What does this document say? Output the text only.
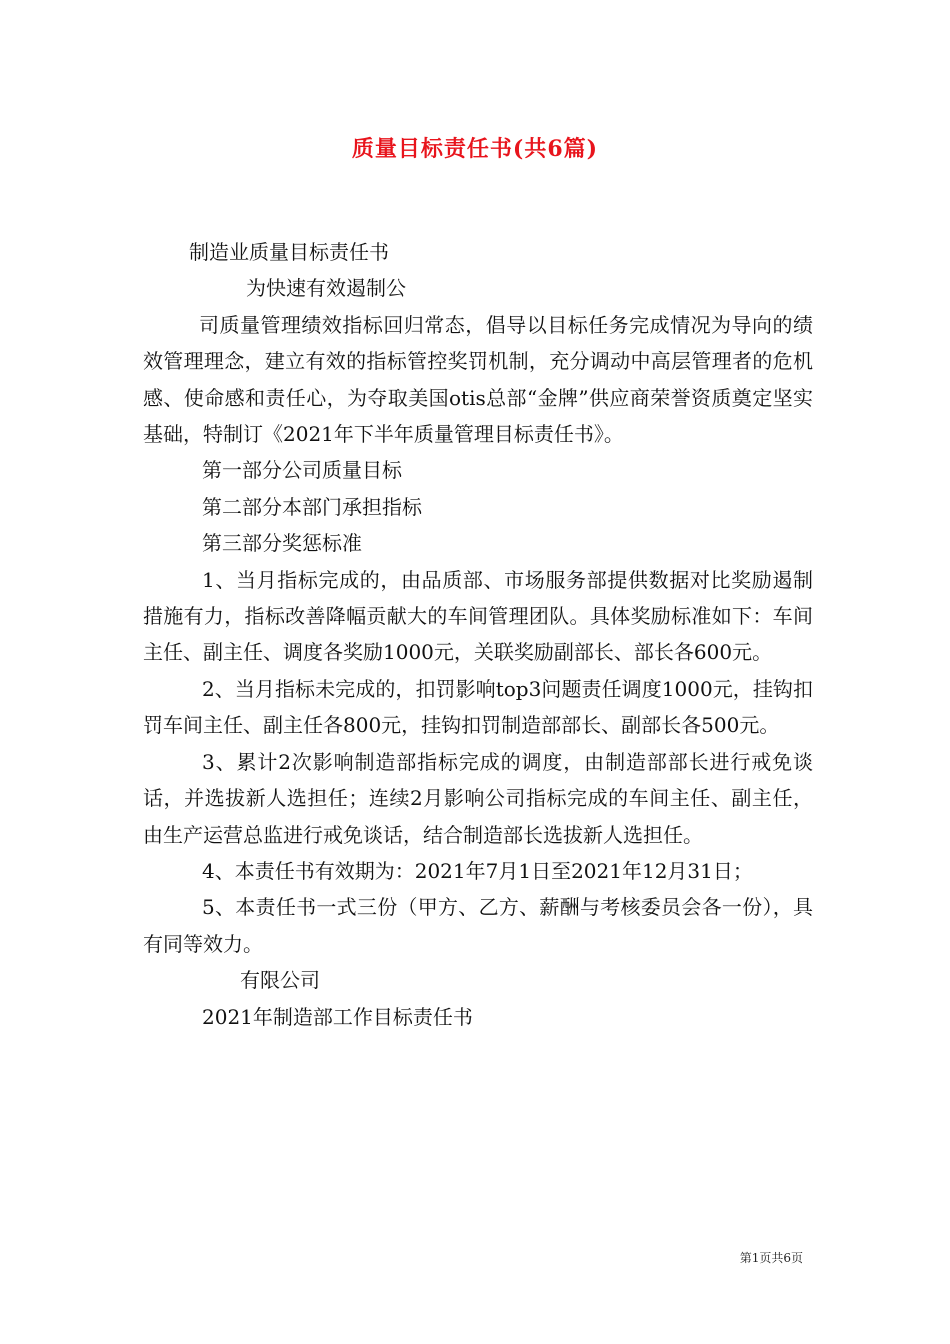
质量目标责任书(共6篇)

制造业质量目标责任书

为快速有效遏制公

司质量管理绩效指标回归常态，倡导以目标任务完成情况为导向的绩效管理理念，建立有效的指标管控奖罚机制，充分调动中高层管理者的危机感、使命感和责任心，为夺取美国otis总部“金牌”供应商荣誉资质奠定坚实基础，特制订《2021年下半年质量管理目标责任书》。

第一部分公司质量目标

第二部分本部门承担指标

第三部分奖惩标准

1、当月指标完成的，由品质部、市场服务部提供数据对比奖励遏制措施有力，指标改善降幅贡献大的车间管理团队。具体奖励标准如下：车间主任、副主任、调度各奖励1000元，关联奖励副部长、部长各600元。

2、当月指标未完成的，扣罚影响top3问题责任调度1000元，挂钩扣罚车间主任、副主任各800元，挂钩扣罚制造部部长、副部长各500元。

3、累计2次影响制造部指标完成的调度，由制造部部长进行戒免谈话，并选拔新人选担任；连续2月影响公司指标完成的车间主任、副主任，由生产运营总监进行戒免谈话，结合制造部长选拔新人选担任。

4、本责任书有效期为：2021年7月1日至2021年12月31日；

5、本责任书一式三份（甲方、乙方、薪酬与考核委员会各一份），具有同等效力。

有限公司

2021年制造部工作目标责任书

第1页共6页
